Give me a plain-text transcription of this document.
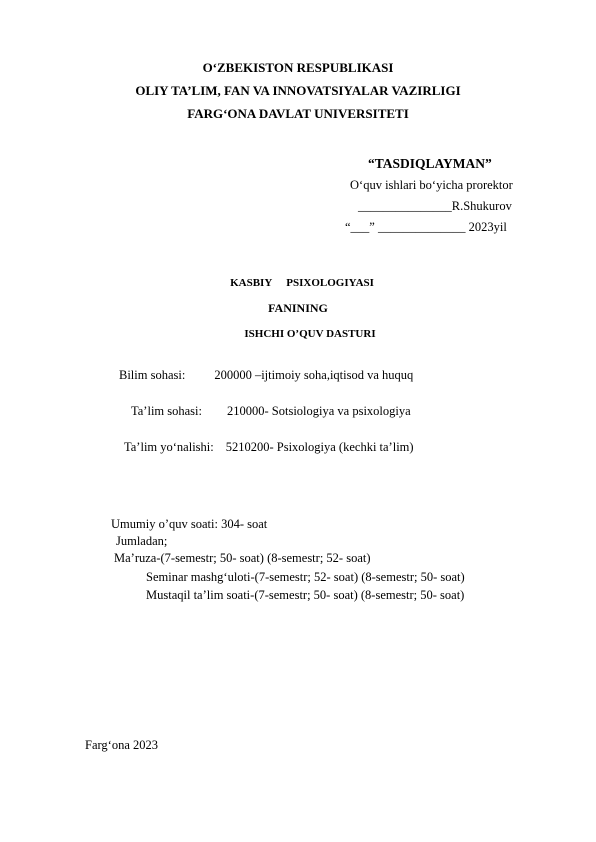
O‘ZBEKISTON RESPUBLIKASI
OLIY TA’LIM, FAN VA INNOVATSIYALAR VAZIRLIGI
FARG‘ONA DAVLAT UNIVERSITETI
“TASDIQLAYMAN”
O‘quv ishlari bo‘yicha prorektor
_______________R.Shukurov
“___” ______________ 2023yil
KASBIY PSIXOLOGIYASI
FANINING
ISHCHI O’QUV DASTURI
Bilim sohasi: 200000 –ijtimoiy soha,iqtisod va huquq
Ta’lim sohasi: 210000- Sotsiologiya va psixologiya
Ta’lim yo‘nalishi: 5210200- Psixologiya (kechki ta’lim)
Umumiy o’quv soati: 304- soat
Jumladan;
Ma’ruza-(7-semestr; 50- soat) (8-semestr; 52- soat)
Seminar mashg‘uloti-(7-semestr; 52- soat) (8-semestr; 50- soat)
Mustaqil ta’lim soati-(7-semestr; 50- soat) (8-semestr; 50- soat)
Farg‘ona 2023
